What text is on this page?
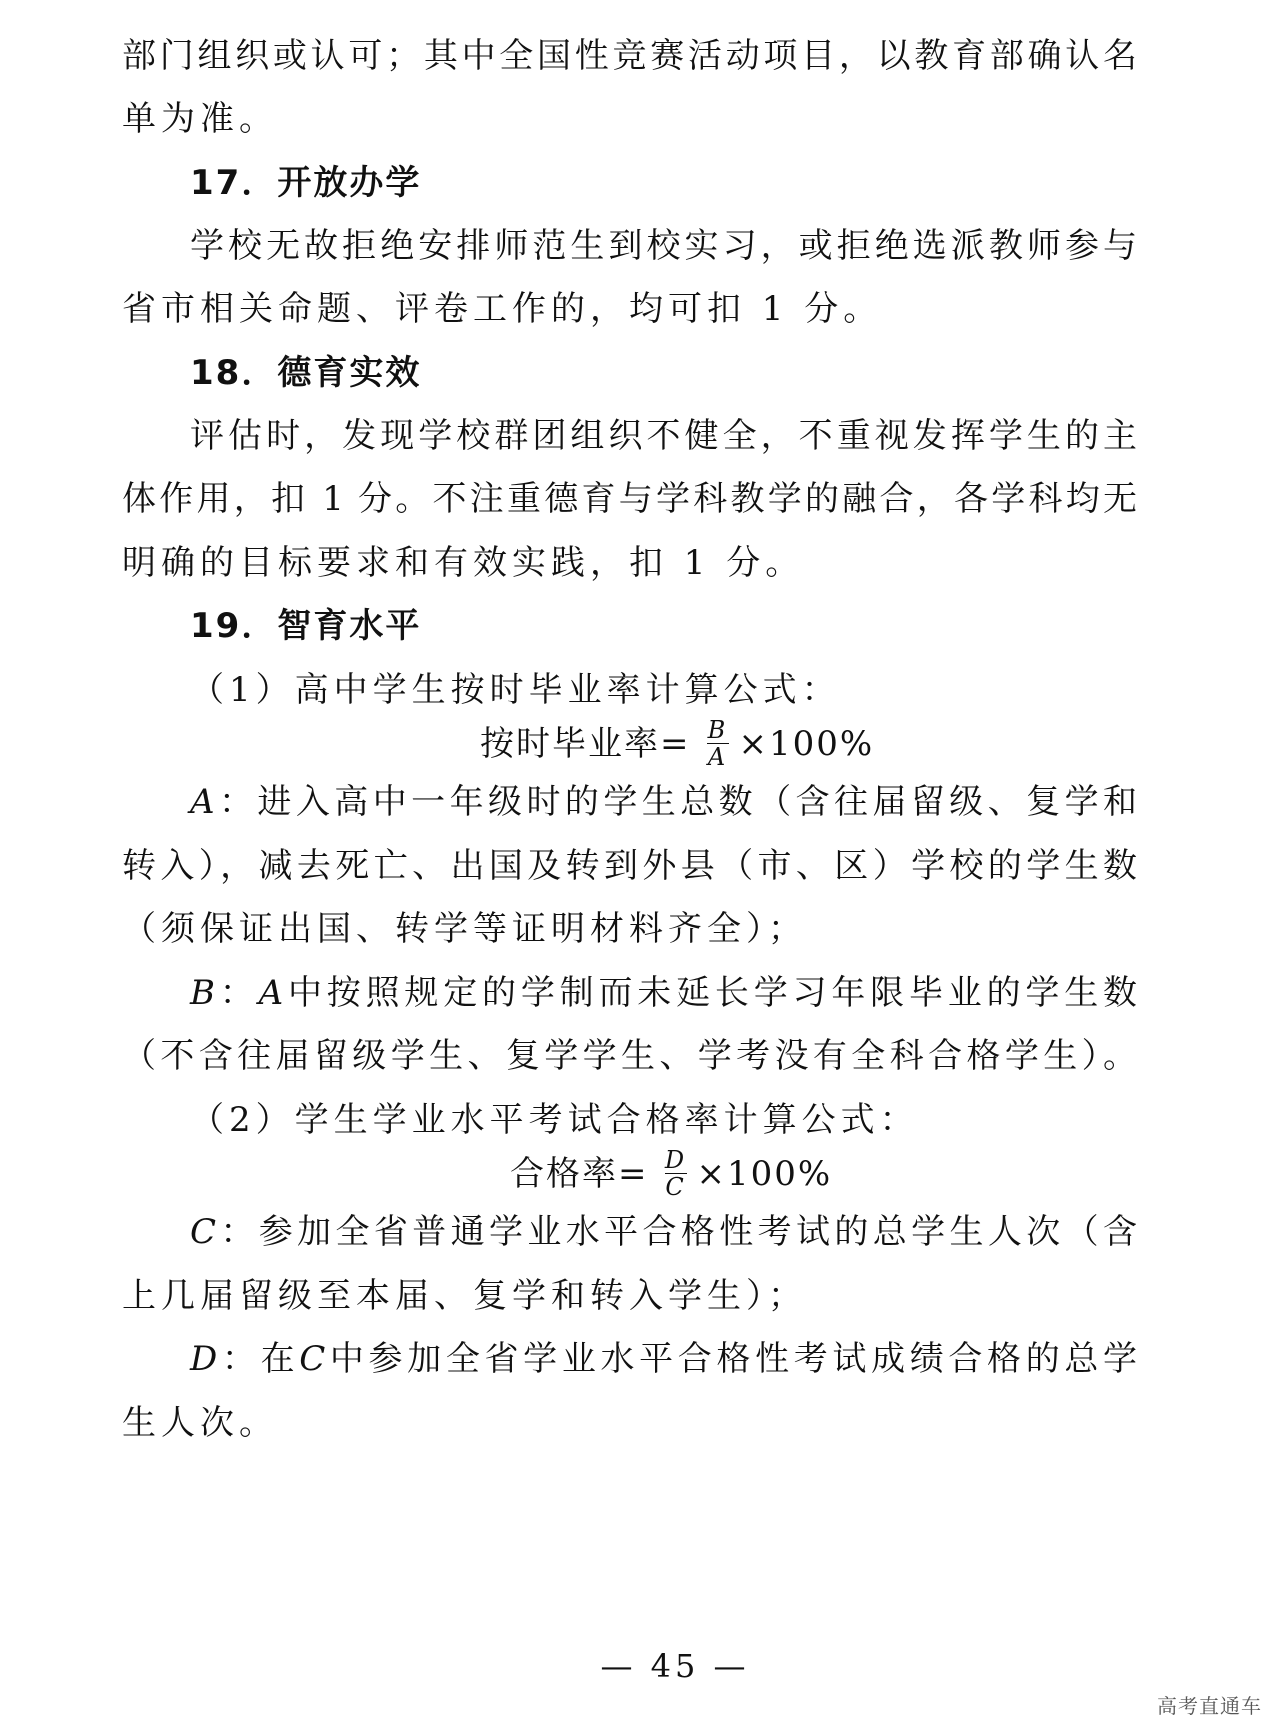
部门组织或认可；其中全国性竞赛活动项目，以教育部确认名
单为准。
17．开放办学
学校无故拒绝安排师范生到校实习，或拒绝选派教师参与
省市相关命题、评卷工作的，均可扣 1 分。
18．德育实效
评估时，发现学校群团组织不健全，不重视发挥学生的主
体作用，扣 1 分。不注重德育与学科教学的融合，各学科均无
明确的目标要求和有效实践，扣 1 分。
19．智育水平
（1）高中学生按时毕业率计算公式：
按时毕业率= $\frac{B}{A} \times 100\%$
A：进入高中一年级时的学生总数（含往届留级、复学和
转入），减去死亡、出国及转到外县（市、区）学校的学生数
（须保证出国、转学等证明材料齐全）；
B：A中按照规定的学制而未延长学习年限毕业的学生数
（不含往届留级学生、复学学生、学考没有全科合格学生）。
（2）学生学业水平考试合格率计算公式：
合格率= $\frac{D}{C} \times 100\%$
C：参加全省普通学业水平合格性考试的总学生人次（含
上几届留级至本届、复学和转入学生）；
D：在C中参加全省学业水平合格性考试成绩合格的总学
生人次。
— 45 —
高考直通车
